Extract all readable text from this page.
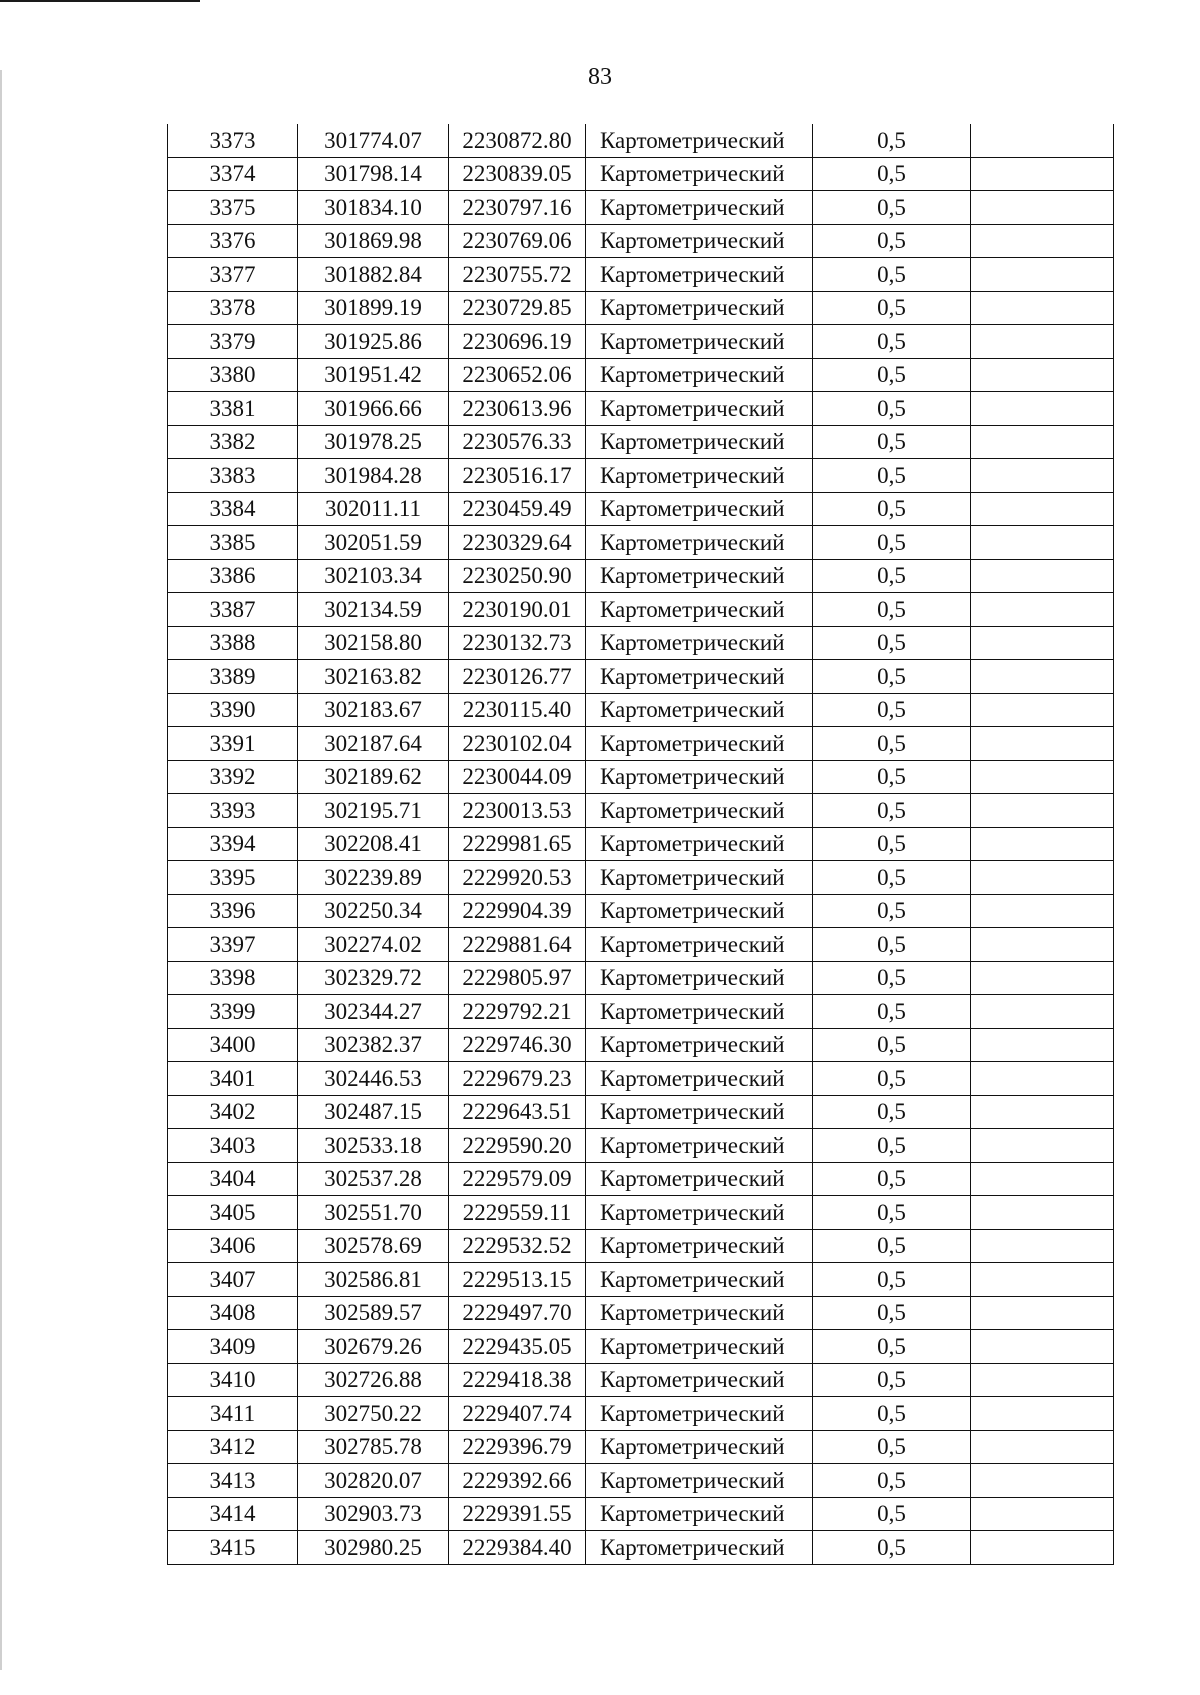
83
3373	301774.07	2230872.80	Картометрический	0,5	
3374	301798.14	2230839.05	Картометрический	0,5	
3375	301834.10	2230797.16	Картометрический	0,5	
3376	301869.98	2230769.06	Картометрический	0,5	
3377	301882.84	2230755.72	Картометрический	0,5	
3378	301899.19	2230729.85	Картометрический	0,5	
3379	301925.86	2230696.19	Картометрический	0,5	
3380	301951.42	2230652.06	Картометрический	0,5	
3381	301966.66	2230613.96	Картометрический	0,5	
3382	301978.25	2230576.33	Картометрический	0,5	
3383	301984.28	2230516.17	Картометрический	0,5	
3384	302011.11	2230459.49	Картометрический	0,5	
3385	302051.59	2230329.64	Картометрический	0,5	
3386	302103.34	2230250.90	Картометрический	0,5	
3387	302134.59	2230190.01	Картометрический	0,5	
3388	302158.80	2230132.73	Картометрический	0,5	
3389	302163.82	2230126.77	Картометрический	0,5	
3390	302183.67	2230115.40	Картометрический	0,5	
3391	302187.64	2230102.04	Картометрический	0,5	
3392	302189.62	2230044.09	Картометрический	0,5	
3393	302195.71	2230013.53	Картометрический	0,5	
3394	302208.41	2229981.65	Картометрический	0,5	
3395	302239.89	2229920.53	Картометрический	0,5	
3396	302250.34	2229904.39	Картометрический	0,5	
3397	302274.02	2229881.64	Картометрический	0,5	
3398	302329.72	2229805.97	Картометрический	0,5	
3399	302344.27	2229792.21	Картометрический	0,5	
3400	302382.37	2229746.30	Картометрический	0,5	
3401	302446.53	2229679.23	Картометрический	0,5	
3402	302487.15	2229643.51	Картометрический	0,5	
3403	302533.18	2229590.20	Картометрический	0,5	
3404	302537.28	2229579.09	Картометрический	0,5	
3405	302551.70	2229559.11	Картометрический	0,5	
3406	302578.69	2229532.52	Картометрический	0,5	
3407	302586.81	2229513.15	Картометрический	0,5	
3408	302589.57	2229497.70	Картометрический	0,5	
3409	302679.26	2229435.05	Картометрический	0,5	
3410	302726.88	2229418.38	Картометрический	0,5	
3411	302750.22	2229407.74	Картометрический	0,5	
3412	302785.78	2229396.79	Картометрический	0,5	
3413	302820.07	2229392.66	Картометрический	0,5	
3414	302903.73	2229391.55	Картометрический	0,5	
3415	302980.25	2229384.40	Картометрический	0,5	
